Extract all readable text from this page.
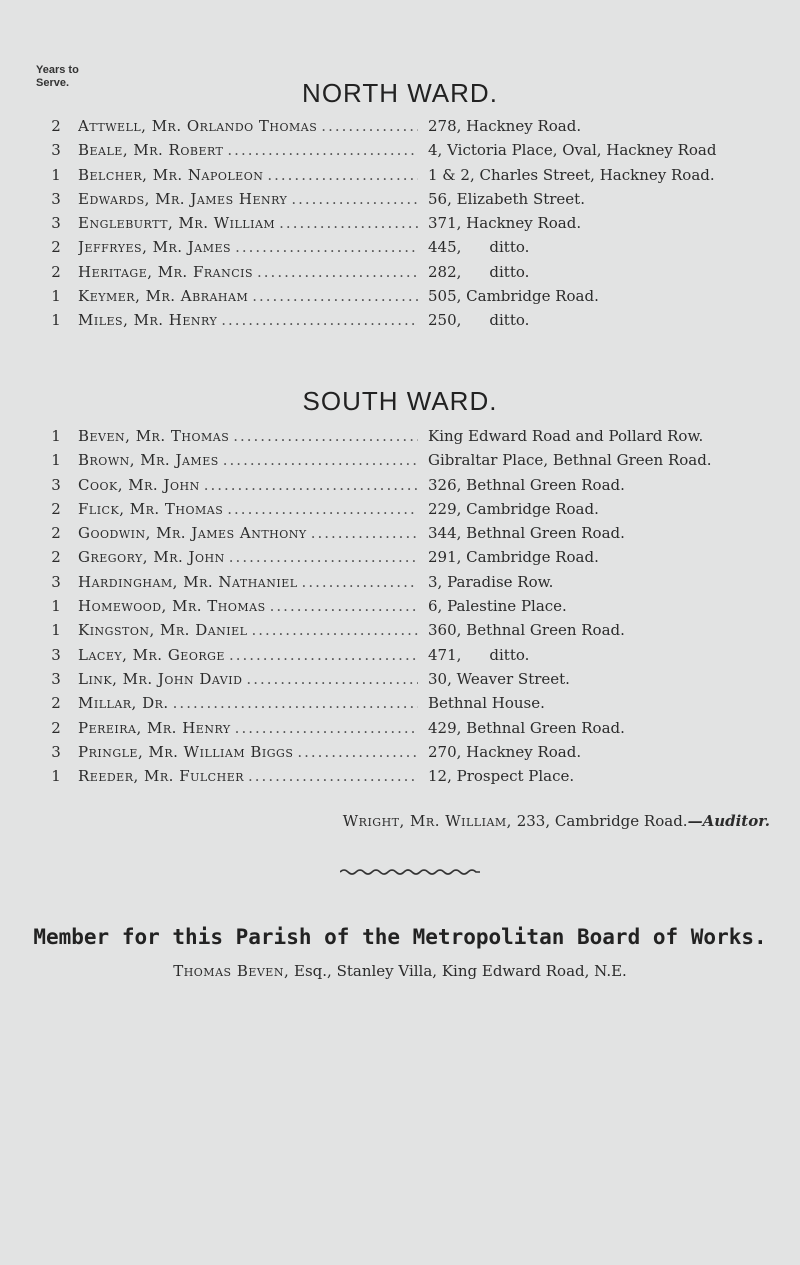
Years to
Serve.	NORTH WARD.
2	Attwell, Mr. Orlando Thomas .....	278, Hackney Road.
3	Beale, Mr. Robert .....	4, Victoria Place, Oval, Hackney Road
1	Belcher, Mr. Napoleon .....	1 & 2, Charles Street, Hackney Road.
3	Edwards, Mr. James Henry .....	56, Elizabeth Street.
3	Engleburtt, Mr. William .....	371, Hackney Road.
2	Jeffryes, Mr. James .....	445, ditto.
2	Heritage, Mr. Francis .....	282, ditto.
1	Keymer, Mr. Abraham .....	505, Cambridge Road.
1	Miles, Mr. Henry .....	250, ditto.
SOUTH WARD.
1	Beven, Mr. Thomas .....	King Edward Road and Pollard Row.
1	Brown, Mr. James .....	Gibraltar Place, Bethnal Green Road.
3	Cook, Mr. John .....	326, Bethnal Green Road.
2	Flick, Mr. Thomas .....	229, Cambridge Road.
2	Goodwin, Mr. James Anthony .....	344, Bethnal Green Road.
2	Gregory, Mr. John .....	291, Cambridge Road.
3	Hardingham, Mr. Nathaniel .....	3, Paradise Row.
1	Homewood, Mr. Thomas .....	6, Palestine Place.
1	Kingston, Mr. Daniel .....	360, Bethnal Green Road.
3	Lacey, Mr. George .....	471, ditto.
3	Link, Mr. John David .....	30, Weaver Street.
2	Millar, Dr. .....	Bethnal House.
2	Pereira, Mr. Henry .....	429, Bethnal Green Road.
3	Pringle, Mr. William Biggs .....	270, Hackney Road.
1	Reeder, Mr. Fulcher .....	12, Prospect Place.
Wright, Mr. William, 233, Cambridge Road.—Auditor.
Member for this Parish of the Metropolitan Board of Works.
Thomas Beven, Esq., Stanley Villa, King Edward Road, N.E.
